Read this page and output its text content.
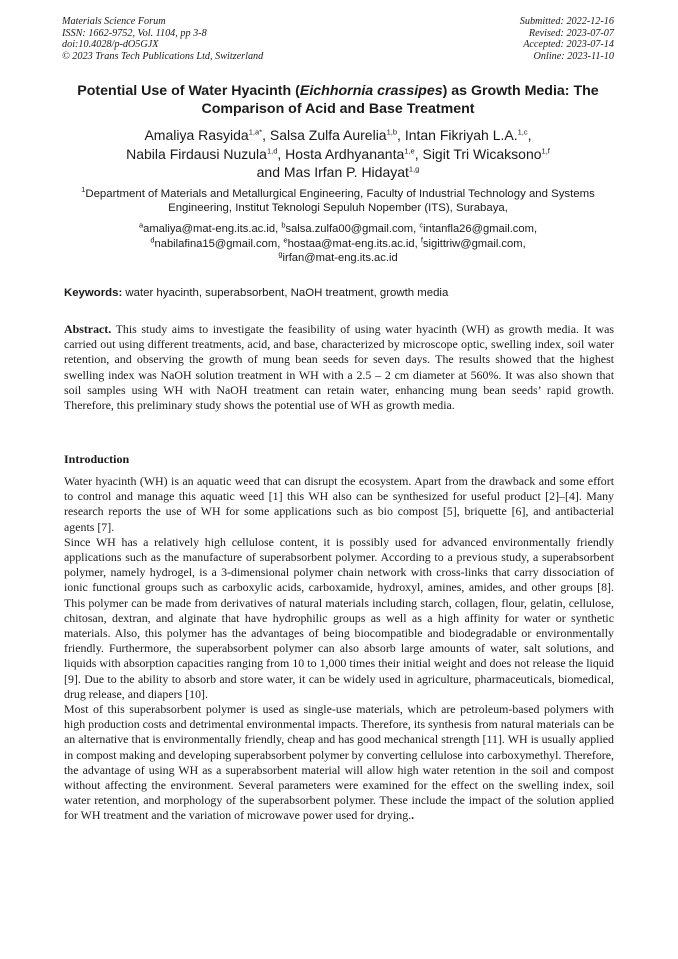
Materials Science Forum
ISSN: 1662-9752, Vol. 1104, pp 3-8
doi:10.4028/p-dO5GJX
© 2023 Trans Tech Publications Ltd, Switzerland
Submitted: 2022-12-16
Revised: 2023-07-07
Accepted: 2023-07-14
Online: 2023-11-10
Potential Use of Water Hyacinth (Eichhornia crassipes) as Growth Media: The Comparison of Acid and Base Treatment
Amaliya Rasyida$^{1,a*}$, Salsa Zulfa Aurelia$^{1,b}$, Intan Fikriyah L.A.$^{1,c}$,
Nabila Firdausi Nuzula$^{1,d}$, Hosta Ardhyananta$^{1,e}$, Sigit Tri Wicaksono$^{1,f}$
and Mas Irfan P. Hidayat$^{1,g}$
$^1$Department of Materials and Metallurgical Engineering, Faculty of Industrial Technology and Systems Engineering, Institut Teknologi Sepuluh Nopember (ITS), Surabaya,
$^a$amaliya@mat-eng.its.ac.id, $^b$salsa.zulfa00@gmail.com, $^c$intanfla26@gmail.com,
$^d$nabilafina15@gmail.com, $^e$hostaa@mat-eng.its.ac.id, $^f$sigittriw@gmail.com,
$^g$irfan@mat-eng.its.ac.id
Keywords: water hyacinth, superabsorbent, NaOH treatment, growth media
Abstract. This study aims to investigate the feasibility of using water hyacinth (WH) as growth media. It was carried out using different treatments, acid, and base, characterized by microscope optic, swelling index, soil water retention, and observing the growth of mung bean seeds for seven days. The results showed that the highest swelling index was NaOH solution treatment in WH with a 2.5 – 2 cm diameter at 560%. It was also shown that soil samples using WH with NaOH treatment can retain water, enhancing mung bean seeds’ rapid growth. Therefore, this preliminary study shows the potential use of WH as growth media.
Introduction

Water hyacinth (WH) is an aquatic weed that can disrupt the ecosystem. Apart from the drawback and some effort to control and manage this aquatic weed [1] this WH also can be synthesized for useful product [2]–[4]. Many research reports the use of WH for some applications such as bio compost [5], briquette [6], and antibacterial agents [7].

Since WH has a relatively high cellulose content, it is possibly used for advanced environmentally friendly applications such as the manufacture of superabsorbent polymer. According to a previous study, a superabsorbent polymer, namely hydrogel, is a 3-dimensional polymer chain network with cross-links that carry dissociation of ionic functional groups such as carboxylic acids, carboxamide, hydroxyl, amines, amides, and other groups [8]. This polymer can be made from derivatives of natural materials including starch, collagen, flour, gelatin, cellulose, chitosan, dextran, and alginate that have hydrophilic groups as well as a high affinity for water or synthetic materials. Also, this polymer has the advantages of being biocompatible and biodegradable or environmentally friendly. Furthermore, the superabsorbent polymer can also absorb large amounts of water, salt solutions, and liquids with absorption capacities ranging from 10 to 1,000 times their initial weight and does not release the liquid [9]. Due to the ability to absorb and store water, it can be widely used in agriculture, pharmaceuticals, biomedical, drug release, and diapers [10].

Most of this superabsorbent polymer is used as single-use materials, which are petroleum-based polymers with high production costs and detrimental environmental impacts. Therefore, its synthesis from natural materials can be an alternative that is environmentally friendly, cheap and has good mechanical strength [11]. WH is usually applied in compost making and developing superabsorbent polymer by converting cellulose into carboxymethyl. Therefore, the advantage of using WH as a superabsorbent material will allow high water retention in the soil and compost without affecting the environment. Several parameters were examined for the effect on the swelling index, soil water retention, and morphology of the superabsorbent polymer. These include the impact of the solution applied for WH treatment and the variation of microwave power used for drying..
